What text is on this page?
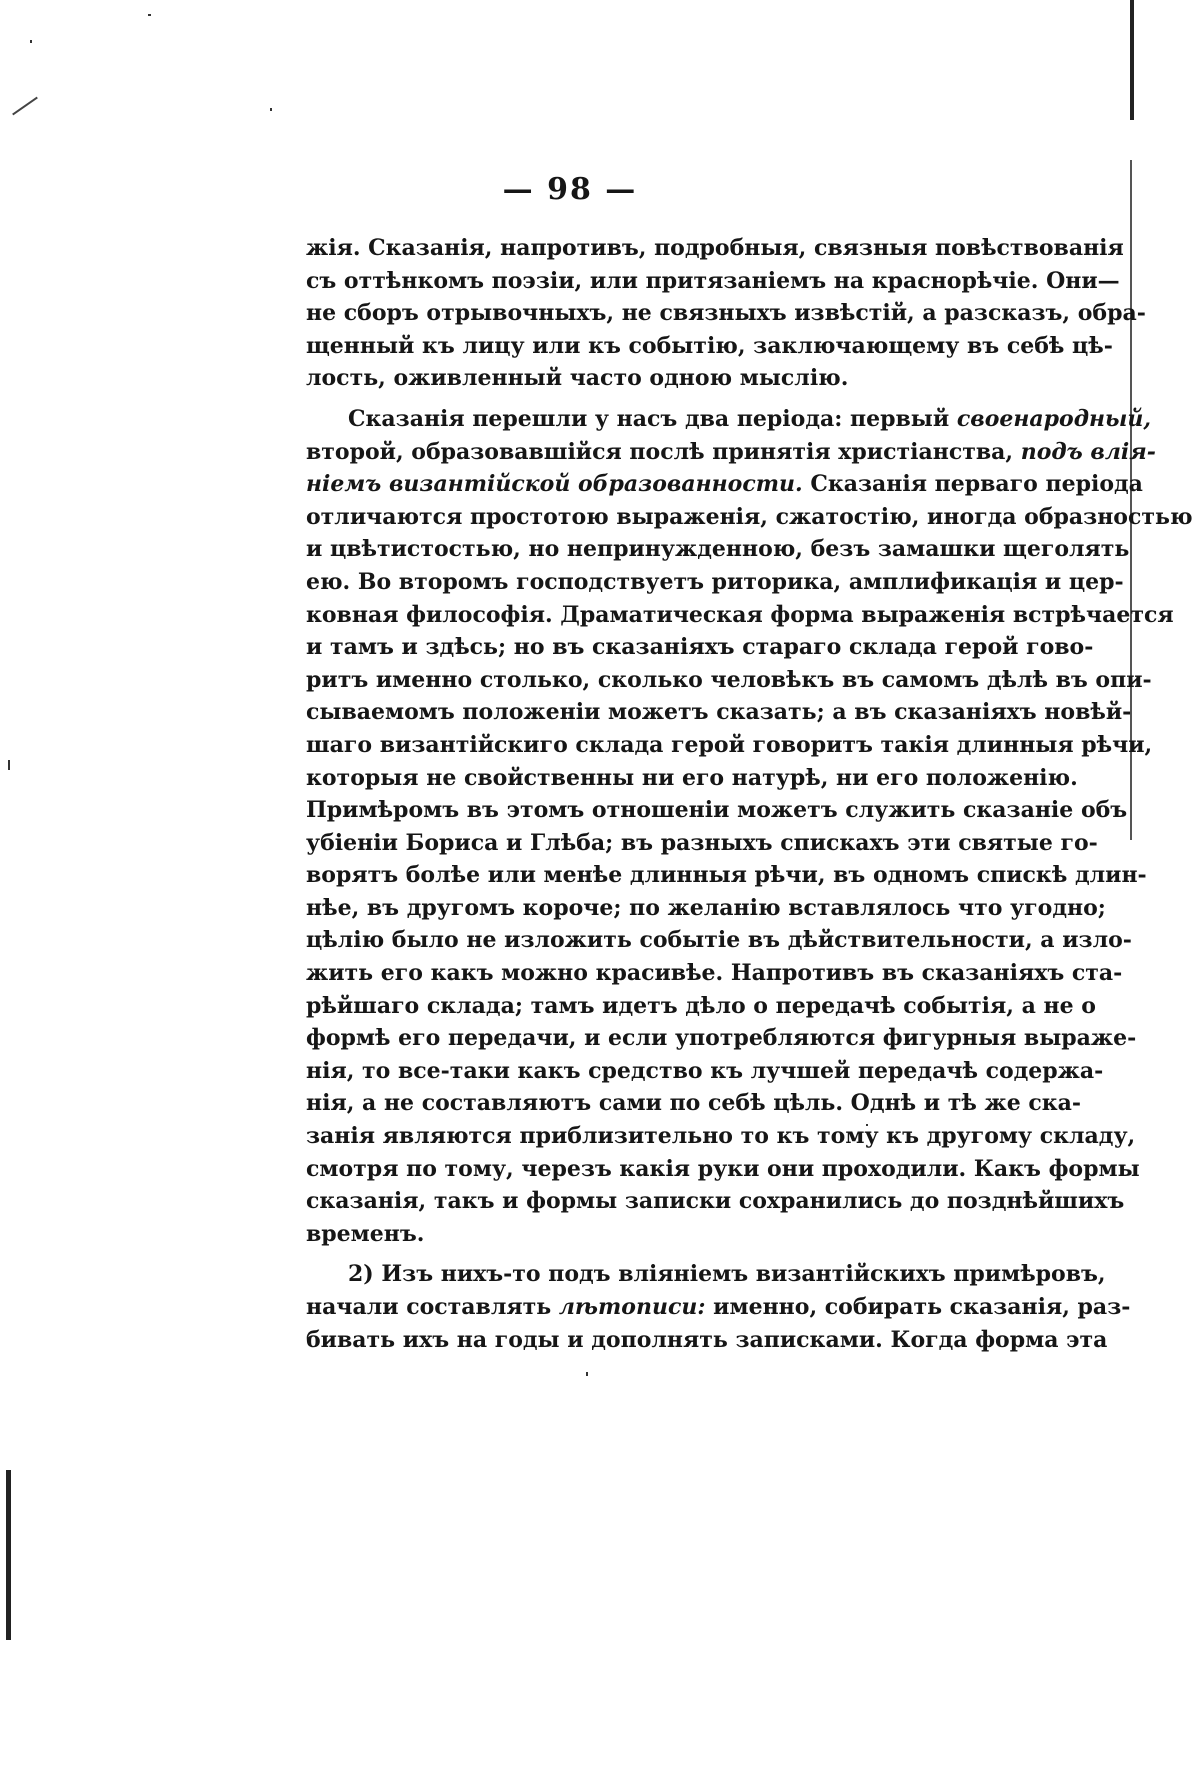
— 98 —
жія. Сказанія, напротивъ, подробныя, связныя повѣствованія
съ оттѣнкомъ поэзіи, или притязаніемъ на краснорѣчіе. Они—
не сборъ отрывочныхъ, не связныхъ извѣстій, а разсказъ, обра-
щенный къ лицу или къ событію, заключающему въ себѣ цѣ-
лость, оживленный часто одною мыслію.
Сказанія перешли у насъ два періода: первый своенародный,
второй, образовавшійся послѣ принятія христіанства, подъ влія-
ніемъ византійской образованности. Сказанія перваго періода
отличаются простотою выраженія, сжатостію, иногда образностью
и цвѣтистостью, но непринужденною, безъ замашки щеголять
ею. Во второмъ господствуетъ риторика, амплификація и цер-
ковная философія. Драматическая форма выраженія встрѣчается
и тамъ и здѣсь; но въ сказаніяхъ стараго склада герой гово-
ритъ именно столько, сколько человѣкъ въ самомъ дѣлѣ въ опи-
сываемомъ положеніи можетъ сказать; а въ сказаніяхъ новѣй-
шаго византійскиго склада герой говоритъ такія длинныя рѣчи,
которыя не свойственны ни его натурѣ, ни его положенію.
Примѣромъ въ этомъ отношеніи можетъ служить сказаніе объ
убіеніи Бориса и Глѣба; въ разныхъ спискахъ эти святые го-
ворятъ болѣе или менѣе длинныя рѣчи, въ одномъ спискѣ длин-
нѣе, въ другомъ короче; по желанію вставлялось что угодно;
цѣлію было не изложить событіе въ дѣйствительности, а изло-
жить его какъ можно красивѣе. Напротивъ въ сказаніяхъ ста-
рѣйшаго склада; тамъ идетъ дѣло о передачѣ событія, а не о
формѣ его передачи, и если употребляются фигурныя выраже-
нія, то все-таки какъ средство къ лучшей передачѣ содержа-
нія, а не составляютъ сами по себѣ цѣль. Однѣ и тѣ же ска-
занія являются приблизительно то къ тому къ другому складу,
смотря по тому, черезъ какія руки они проходили. Какъ формы
сказанія, такъ и формы записки сохранились до позднѣйшихъ
временъ.
2) Изъ нихъ-то подъ вліяніемъ византійскихъ примѣровъ,
начали составлять лѣтописи: именно, собирать сказанія, раз-
бивать ихъ на годы и дополнять записками. Когда форма эта
